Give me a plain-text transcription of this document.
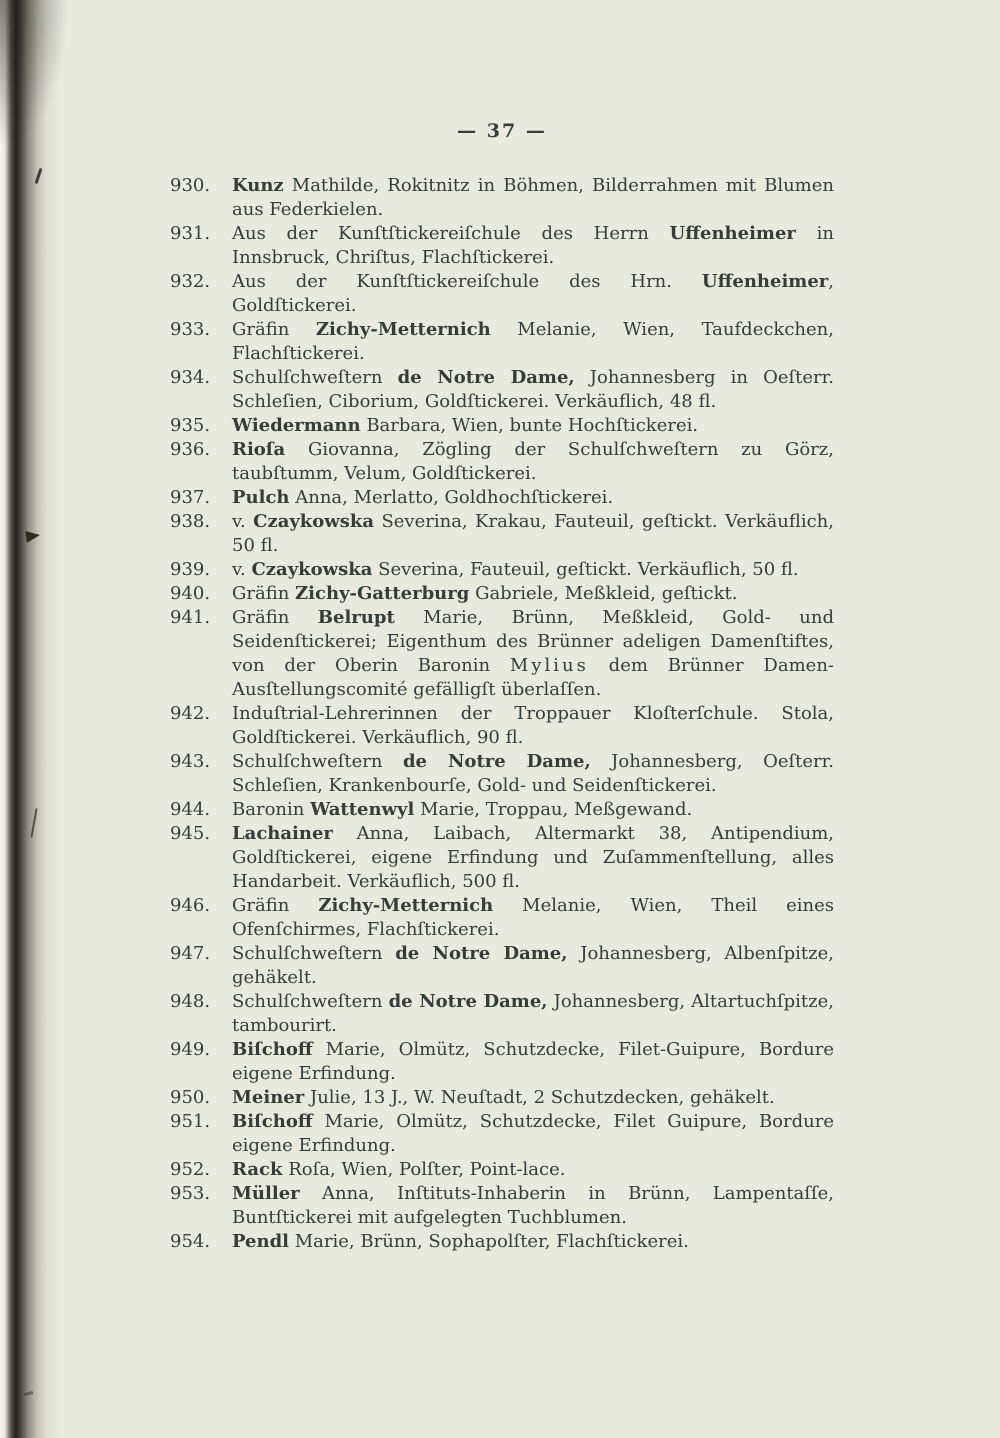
— 37 —
930.	Kunz Mathilde, Rokitnitz in Böhmen, Bilderrahmen mit Blumen aus Federkielen.
931.	Aus der Kunſtſtickereiſchule des Herrn Uffenheimer in Innsbruck, Chriſtus, Flachſtickerei.
932.	Aus der Kunſtſtickereiſchule des Hrn. Uffenheimer, Goldſtickerei.
933.	Gräfin Zichy-Metternich Melanie, Wien, Taufdeckchen, Flachſtickerei.
934.	Schulſchweſtern de Notre Dame, Johannesberg in Oeſterr. Schleſien, Ciborium, Goldſtickerei. Verkäuflich, 48 fl.
935.	Wiedermann Barbara, Wien, bunte Hochſtickerei.
936.	Rioſa Giovanna, Zögling der Schulſchweſtern zu Görz, taubſtumm, Velum, Goldſtickerei.
937.	Pulch Anna, Merlatto, Goldhochſtickerei.
938.	v. Czaykowska Severina, Krakau, Fauteuil, geſtickt. Verkäuflich, 50 fl.
939.	v. Czaykowska Severina, Fauteuil, geſtickt. Verkäuflich, 50 fl.
940.	Gräfin Zichy-Gatterburg Gabriele, Meßkleid, geſtickt.
941.	Gräfin Belrupt Marie, Brünn, Meßkleid, Gold- und Seidenſtickerei; Eigenthum des Brünner adeligen Damenſtiftes, von der Oberin Baronin Mylius dem Brünner Damen-Ausſtellungscomité gefälligſt überlaſſen.
942.	Induſtrial-Lehrerinnen der Troppauer Kloſterſchule. Stola, Goldſtickerei. Verkäuflich, 90 fl.
943.	Schulſchweſtern de Notre Dame, Johannesberg, Oeſterr. Schleſien, Krankenbourſe, Gold- und Seidenſtickerei.
944.	Baronin Wattenwyl Marie, Troppau, Meßgewand.
945.	Lachainer Anna, Laibach, Altermarkt 38, Antipendium, Goldſtickerei, eigene Erfindung und Zuſammenſtellung, alles Handarbeit. Verkäuflich, 500 fl.
946.	Gräfin Zichy-Metternich Melanie, Wien, Theil eines Ofenſchirmes, Flachſtickerei.
947.	Schulſchweſtern de Notre Dame, Johannesberg, Albenſpitze, gehäkelt.
948.	Schulſchweſtern de Notre Dame, Johannesberg, Altartuchſpitze, tambourirt.
949.	Biſchoff Marie, Olmütz, Schutzdecke, Filet-Guipure, Bordure eigene Erfindung.
950.	Meiner Julie, 13 J., W. Neuſtadt, 2 Schutzdecken, gehäkelt.
951.	Biſchoff Marie, Olmütz, Schutzdecke, Filet Guipure, Bordure eigene Erfindung.
952.	Rack Roſa, Wien, Polſter, Point-lace.
953.	Müller Anna, Inſtituts-Inhaberin in Brünn, Lampentaſſe, Buntſtickerei mit aufgelegten Tuchblumen.
954.	Pendl Marie, Brünn, Sophapolſter, Flachſtickerei.
